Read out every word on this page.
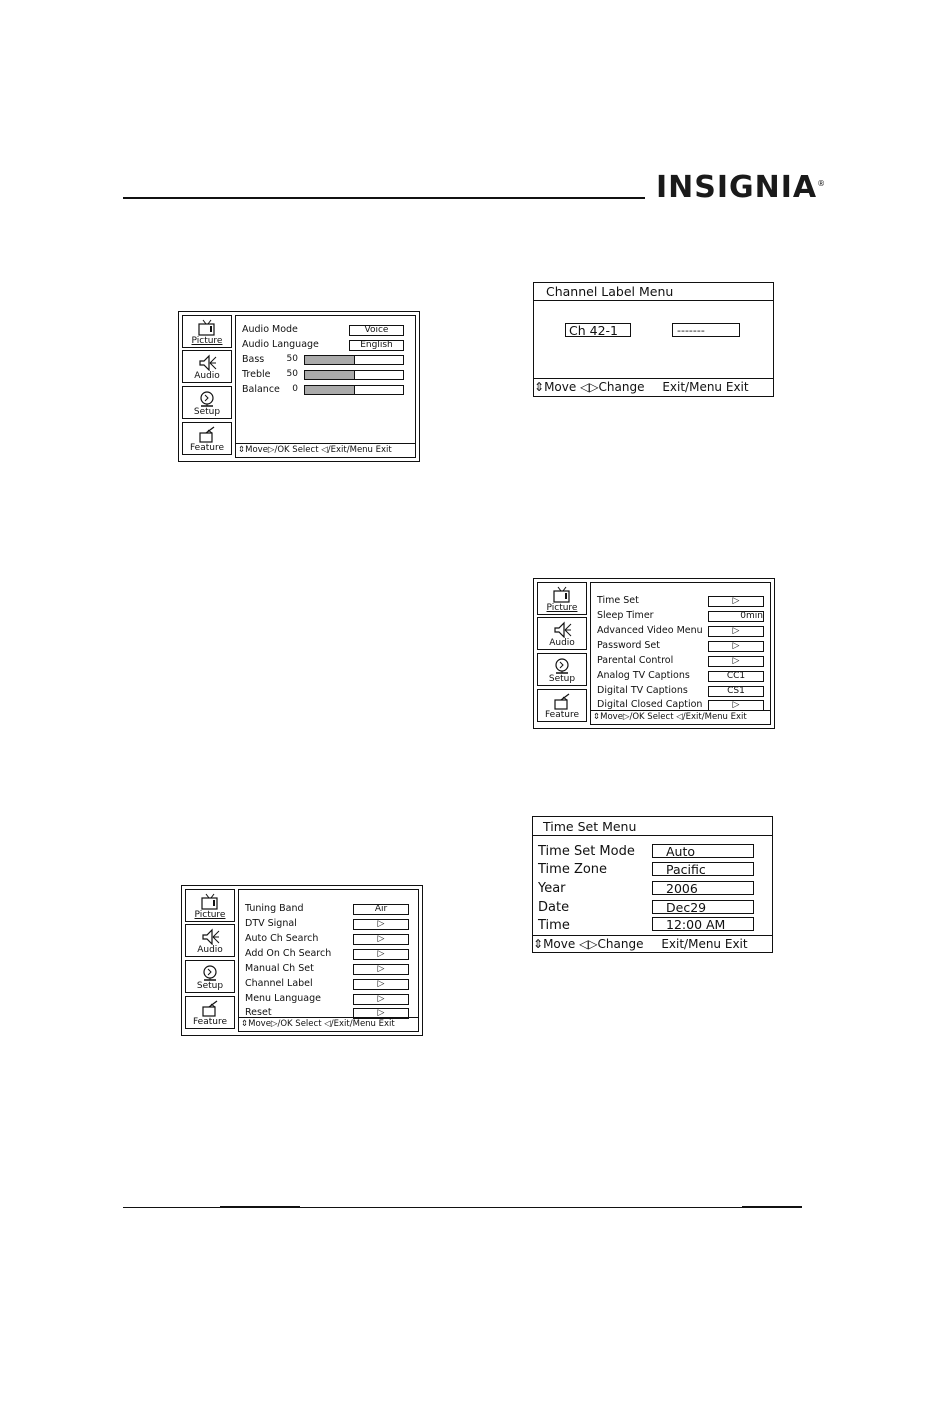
INSIGNIA®
Picture
Audio
Setup
Feature
Audio Mode	Voice
Audio Language	English
Bass	50
Treble	50
Balance	0
⇕Move▷/OK Select ◁/Exit/Menu Exit
Picture
Audio
Setup
Feature
Tuning Band	Air
DTV Signal	▷
Auto Ch Search	▷
Add On Ch Search	▷
Manual Ch Set	▷
Channel Label	▷
Menu Language	▷
Reset	▷
⇕Move▷/OK Select ◁/Exit/Menu Exit
Picture
Audio
Setup
Feature
Time Set	▷
Sleep Timer	0min
Advanced Video Menu	▷
Password Set	▷
Parental Control	▷
Analog TV Captions	CC1
Digital TV Captions	CS1
Digital Closed Caption	▷
⇕Move▷/OK Select ◁/Exit/Menu Exit
Channel Label Menu
Ch 42-1	-------
⇕Move ◁▷Change Exit/Menu Exit
Time Set Menu
Time Set Mode	Auto
Time Zone	Pacific
Year	2006
Date	Dec29
Time	12:00 AM
⇕Move ◁▷Change Exit/Menu Exit
